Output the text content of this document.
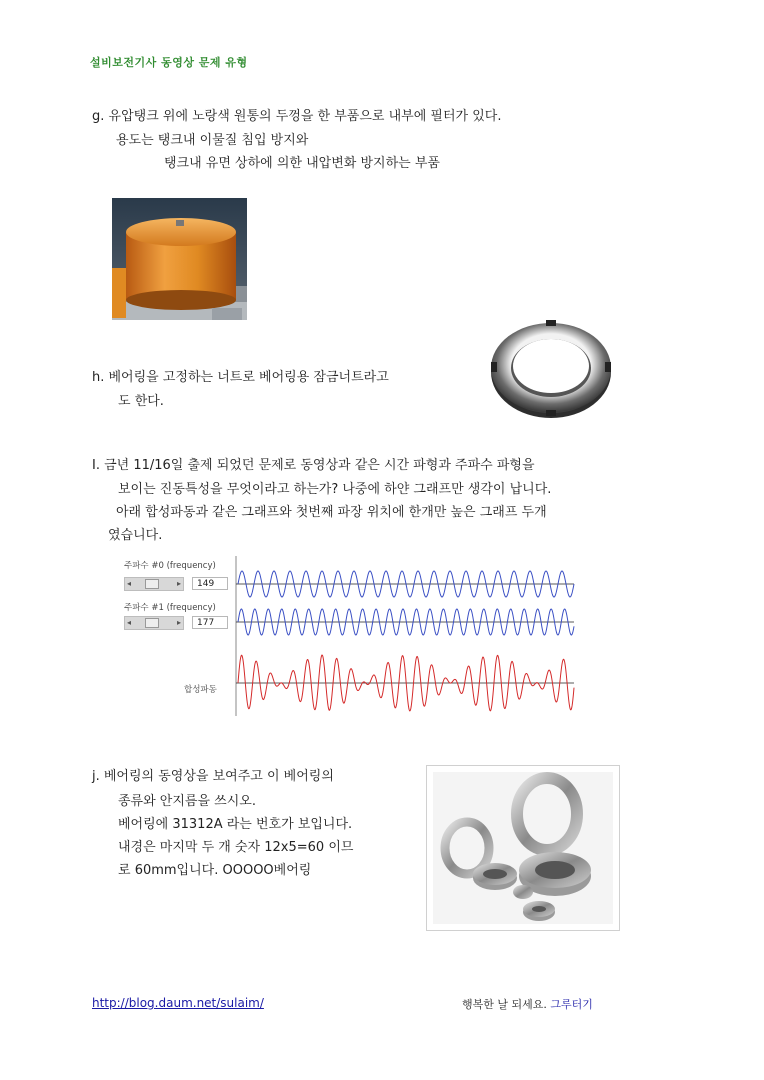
설비보전기사 동영상 문제 유형
g. 유압탱크 위에 노랑색 원통의 두껑을 한 부품으로 내부에 필터가 있다.
용도는 탱크내 이물질 침입 방지와
탱크내 유면 상하에 의한 내압변화 방지하는 부품
h. 베어링을 고정하는 너트로 베어링용 잠금너트라고
도 한다.
I. 금년 11/16일 출제 되었던 문제로 동영상과 같은 시간 파형과 주파수 파형을
보이는 진동특성을 무엇이라고 하는가? 나중에 하얀 그래프만 생각이 납니다.
아래 합성파동과 같은 그래프와 첫번째 파장 위치에 한개만 높은 그래프 두개
였습니다.
주파수 #0 (frequency)
◂	▸	149
주파수 #1 (frequency)
◂	▸	177
합성파동
j. 베어링의 동영상을 보여주고 이 베어링의
종류와 안지름을 쓰시오.
베어링에 31312A 라는 번호가 보입니다.
내경은 마지막 두 개 숫자 12x5=60 이므
로 60mm입니다. OOOOO베어링
http://blog.daum.net/sulaim/	행복한 날 되세요. 그루터기
